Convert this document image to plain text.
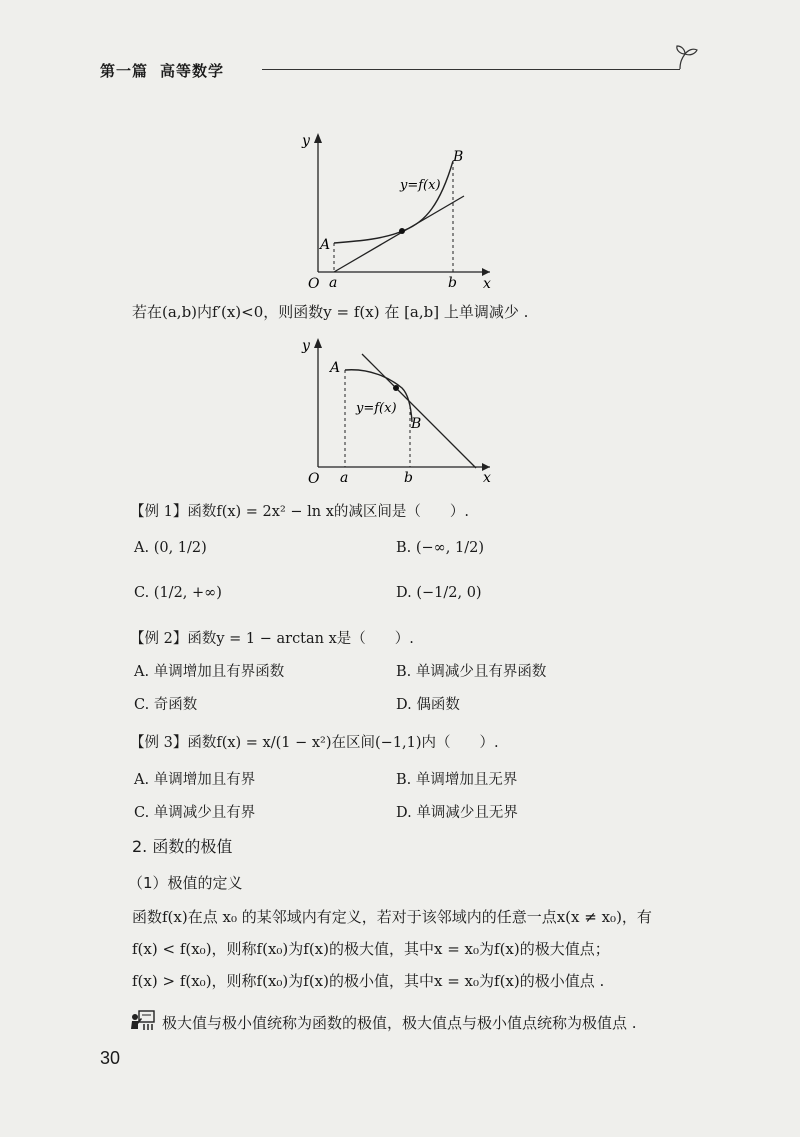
第一篇 高等数学
y
x
O a	b
A
B
y=f(x)
若在(a,b)内f′(x)<0，则函数y = f(x) 在 [a,b] 上单调减少 .
y
x
O a	b
A
B
y=f(x)
【例 1】函数f(x) = 2x² − ln x的减区间是（　　）.
A. (0, 1/2)	B. (−∞, 1/2)
C. (1/2, +∞)	D. (−1/2, 0)
【例 2】函数y = 1 − arctan x是（　　）.
A. 单调增加且有界函数	B. 单调减少且有界函数
C. 奇函数	D. 偶函数
【例 3】函数f(x) = x/(1 − x²)在区间(−1,1)内（　　）.
A. 单调增加且有界	B. 单调增加且无界
C. 单调减少且有界	D. 单调减少且无界
2. 函数的极值
（1）极值的定义
函数f(x)在点 x₀ 的某邻域内有定义，若对于该邻域内的任意一点x(x ≠ x₀)，有
f(x) < f(x₀)，则称f(x₀)为f(x)的极大值，其中x = x₀为f(x)的极大值点；
f(x) > f(x₀)，则称f(x₀)为f(x)的极小值，其中x = x₀为f(x)的极小值点 .
极大值与极小值统称为函数的极值，极大值点与极小值点统称为极值点 .
30
